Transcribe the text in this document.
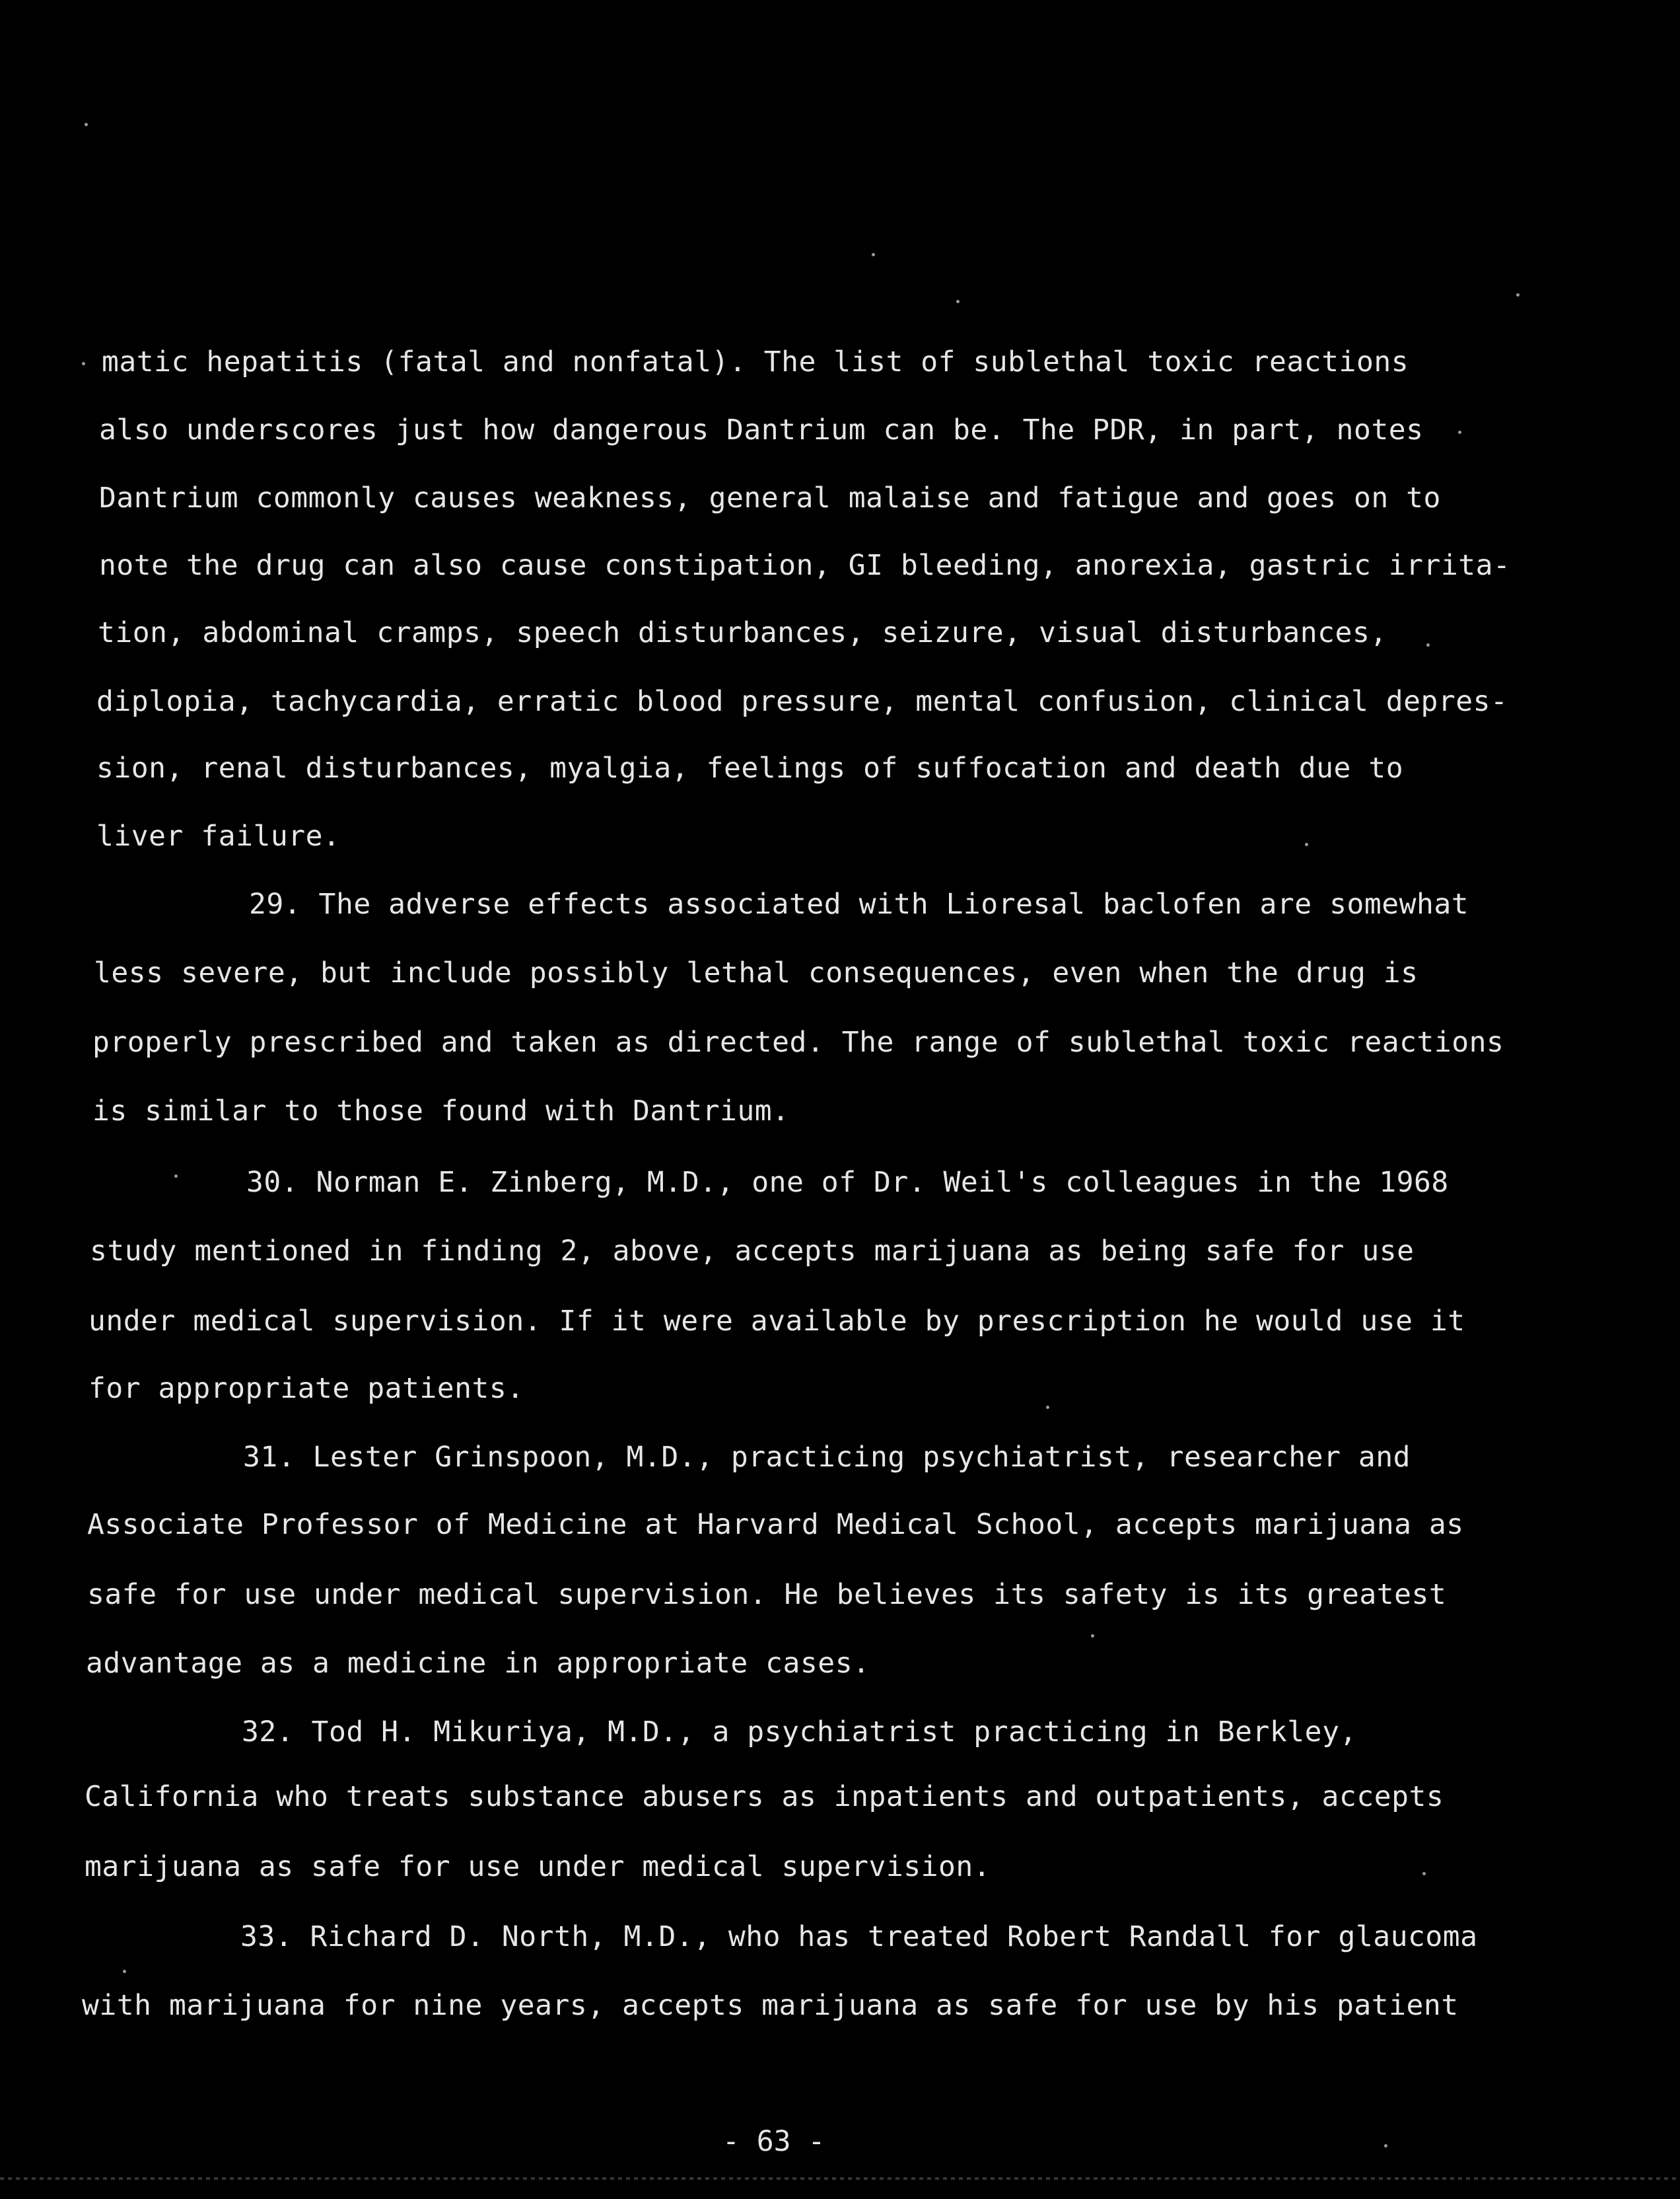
matic hepatitis (fatal and nonfatal). The list of sublethal toxic reactions
also underscores just how dangerous Dantrium can be. The PDR, in part, notes
Dantrium commonly causes weakness, general malaise and fatigue and goes on to
note the drug can also cause constipation, GI bleeding, anorexia, gastric irrita-
tion, abdominal cramps, speech disturbances, seizure, visual disturbances,
diplopia, tachycardia, erratic blood pressure, mental confusion, clinical depres-
sion, renal disturbances, myalgia, feelings of suffocation and death due to
liver failure.
29. The adverse effects associated with Lioresal baclofen are somewhat
less severe, but include possibly lethal consequences, even when the drug is
properly prescribed and taken as directed. The range of sublethal toxic reactions
is similar to those found with Dantrium.
30. Norman E. Zinberg, M.D., one of Dr. Weil's colleagues in the 1968
study mentioned in finding 2, above, accepts marijuana as being safe for use
under medical supervision. If it were available by prescription he would use it
for appropriate patients.
31. Lester Grinspoon, M.D., practicing psychiatrist, researcher and
Associate Professor of Medicine at Harvard Medical School, accepts marijuana as
safe for use under medical supervision. He believes its safety is its greatest
advantage as a medicine in appropriate cases.
32. Tod H. Mikuriya, M.D., a psychiatrist practicing in Berkley,
California who treats substance abusers as inpatients and outpatients, accepts
marijuana as safe for use under medical supervision.
33. Richard D. North, M.D., who has treated Robert Randall for glaucoma
with marijuana for nine years, accepts marijuana as safe for use by his patient
- 63 -
